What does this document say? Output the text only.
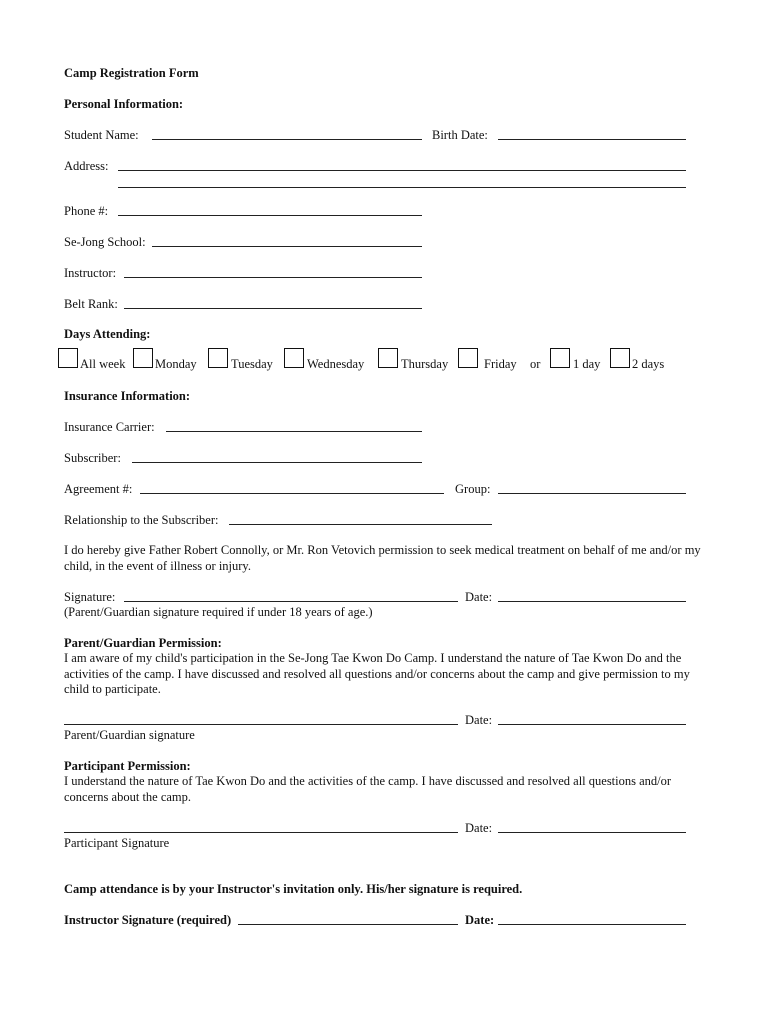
Camp Registration Form
Personal Information:
Student Name:	Birth Date:
Address:
Phone #:
Se-Jong School:
Instructor:
Belt Rank:
Days Attending:
All week Monday	Tuesday	Wednesday	Thursday	Friday or	1 day	2 days
Insurance Information:
Insurance Carrier:
Subscriber:
Agreement #:	Group:
Relationship to the Subscriber:
I do hereby give Father Robert Connolly, or Mr. Ron Vetovich permission to seek medical treatment on behalf of me and/or my child, in the event of illness or injury.
Signature:	Date:
(Parent/Guardian signature required if under 18 years of age.)
Parent/Guardian Permission:
I am aware of my child's participation in the Se-Jong Tae Kwon Do Camp. I understand the nature of Tae Kwon Do and the activities of the camp. I have discussed and resolved all questions and/or concerns about the camp and give permission to my child to participate.
Date:
Parent/Guardian signature
Participant Permission:
I understand the nature of Tae Kwon Do and the activities of the camp. I have discussed and resolved all questions and/or concerns about the camp.
Date:
Participant Signature
Camp attendance is by your Instructor's invitation only. His/her signature is required.
Instructor Signature (required)	Date:
